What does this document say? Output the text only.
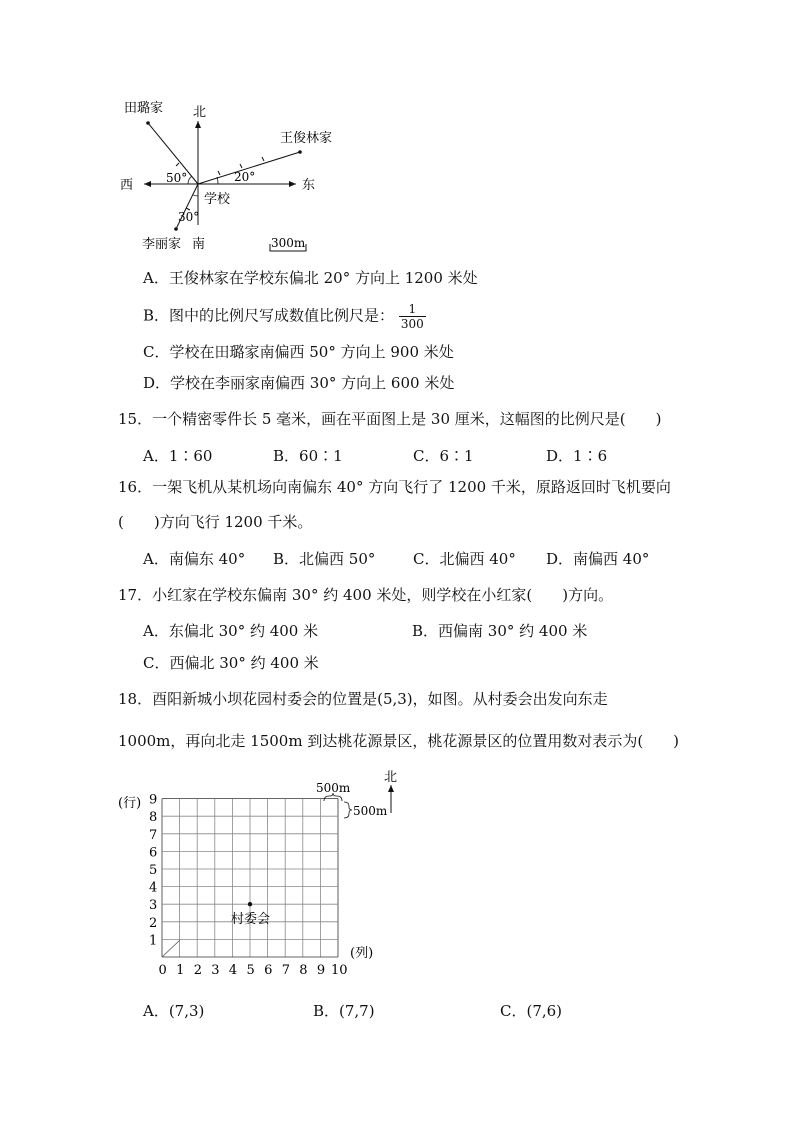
北
东
西
南
学校
王俊林家
田璐家
李丽家
50°	20°
30°
300m
A．王俊林家在学校东偏北 20° 方向上 1200 米处
B．图中的比例尺写成数值比例尺是： $\frac{1}{300}$
C．学校在田璐家南偏西 50° 方向上 900 米处
D．学校在李丽家南偏西 30° 方向上 600 米处
15．一个精密零件长 5 毫米，画在平面图上是 30 厘米，这幅图的比例尺是(　　)
A．1∶60	B．60∶1	C．6∶1	D．1∶6
16．一架飞机从某机场向南偏东 40° 方向飞行了 1200 千米，原路返回时飞机要向
(　　)方向飞行 1200 千米。
A．南偏东 40° B．北偏西 50°	C．北偏西 40° D．南偏西 40°
17．小红家在学校东偏南 30° 约 400 米处，则学校在小红家(　　)方向。
A．东偏北 30° 约 400 米	B．西偏南 30° 约 400 米
C．西偏北 30° 约 400 米
18．酉阳新城小坝花园村委会的位置是(5,3)，如图。从村委会出发向东走
1000m，再向北走 1500m 到达桃花源景区，桃花源景区的位置用数对表示为(　　)
0 1 2 3 4 5 6 7 8 9 10
1
2
3
4
5
6
7
8
9
(行)
(列)
北
500m
500m
村委会
A．(7,3)	B．(7,7)	C．(7,6)
